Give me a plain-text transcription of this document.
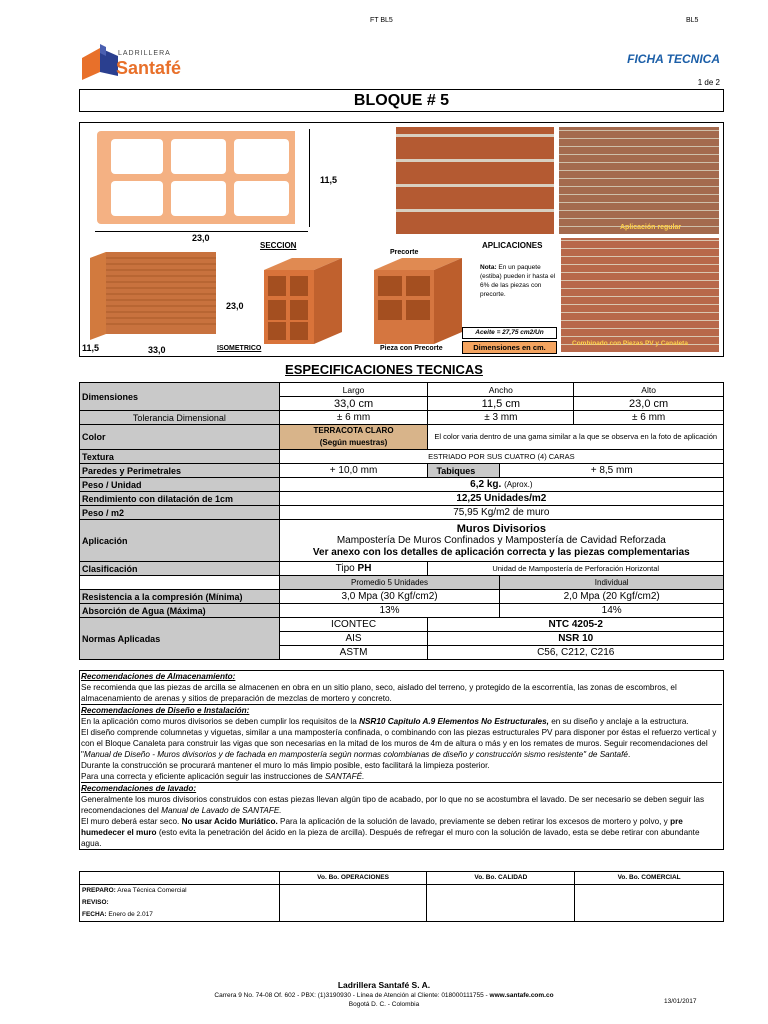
FT BL5	BL5
LADRILLERA
Santafé	FICHA TECNICA
1 de 2
BLOQUE # 5
11,5
23,0
SECCION
23,0
11,5	33,0	ISOMETRICO
Precorte
Pieza con Precorte
APLICACIONES
Nota: En un paquete (estiba) pueden ir hasta el 6% de las piezas con precorte.
Aceite = 27,75 cm2/Un
Dimensiones en cm.
Aplicación regular
Combinado con Piezas PV y Canaleta
ESPECIFICACIONES TECNICAS
Dimensiones	Largo	Ancho		Alto
	33,0 cm	11,5 cm		23,0 cm
Tolerancia Dimensional	± 6 mm	± 3 mm		± 6 mm
Color	TERRACOTA CLARO
(Según muestras)	El color varia dentro de una gama similar a la que se observa en la foto de aplicación		
Textura	ESTRIADO POR SUS CUATRO (4) CARAS			
Paredes y Perimetrales	+ 10,0 mm	Tabiques	+ 8,5 mm	
Peso / Unidad	6,2 kg. (Aprox.)			
Rendimiento con dilatación de 1cm	12,25 Unidades/m2			
Peso / m2	75,95 Kg/m2 de muro			
Aplicación	Muros Divisorios
Mampostería De Muros Confinados y Mampostería de Cavidad Reforzada
Ver anexo con los detalles de aplicación correcta y las piezas complementarias			

Clasificación	Tipo PH	Unidad de Mampostería de Perforación Horizontal		
	Promedio 5 Unidades		Individual	
Resistencia a la compresión (Mínima)	3,0 Mpa (30 Kgf/cm2)		2,0 Mpa (20 Kgf/cm2)	
Absorción de Agua (Máxima)	13%		14%	
Normas Aplicadas	ICONTEC	NTC 4205-2		
	AIS	NSR 10		
	ASTM	C56, C212, C216		
Recomendaciones de Almacenamiento:
Se recomienda que las piezas de arcilla se almacenen en obra en un sitio plano, seco, aislado del terreno, y protegido de la escorrentía, las zonas de escombros, el almacenamiento de arenas y sitios de preparación de mezclas de mortero y concreto.
Recomendaciones de Diseño e Instalación:
En la aplicación como muros divisorios se deben cumplir los requisitos de la NSR10 Capitulo A.9 Elementos No Estructurales, en su diseño y anclaje a la estructura.
El diseño comprende columnetas y viguetas, similar a una mampostería confinada, o combinando con las piezas estructurales PV para disponer por éstas el refuerzo vertical y con el Bloque Canaleta para construir las vigas que son necesarias en la mitad de los muros de 4m de altura o más y en los remates de muros. Seguir recomendaciones del "Manual de Diseño - Muros divisorios y de fachada en mampostería según normas colombianas de diseño y construcción sismo resistente" de Santafé.
Durante la construcción se procurará mantener el muro lo más limpio posible, esto facilitará la limpieza posterior.
Para una correcta y eficiente aplicación seguir las instrucciones de SANTAFÉ.
Recomendaciones de lavado:
Generalmente los muros divisorios construidos con estas piezas llevan algún tipo de acabado, por lo que no se acostumbra el lavado. De ser necesario se deben seguir las recomendaciones del Manual de Lavado de SANTAFE.
El muro deberá estar seco. No usar Acido Muriático. Para la aplicación de la solución de lavado, previamente se deben retirar los excesos de mortero y polvo, y pre humedecer el muro (esto evita la penetración del ácido en la pieza de arcilla). Después de refregar el muro con la solución de lavado, esta se debe retirar con abundante agua.
	Vo. Bo. OPERACIONES	Vo. Bo. CALIDAD	Vo. Bo. COMERCIAL

PREPARO: Area Técnica Comercial
REVISO:
FECHA: Enero de 2.017			

Ladrillera Santafé S. A.
Carrera 9 No. 74-08 Of. 602 - PBX: (1)3190930 - Línea de Atención al Cliente: 018000111755 - www.santafe.com.co
Bogotá D. C. - Colombia	13/01/2017
